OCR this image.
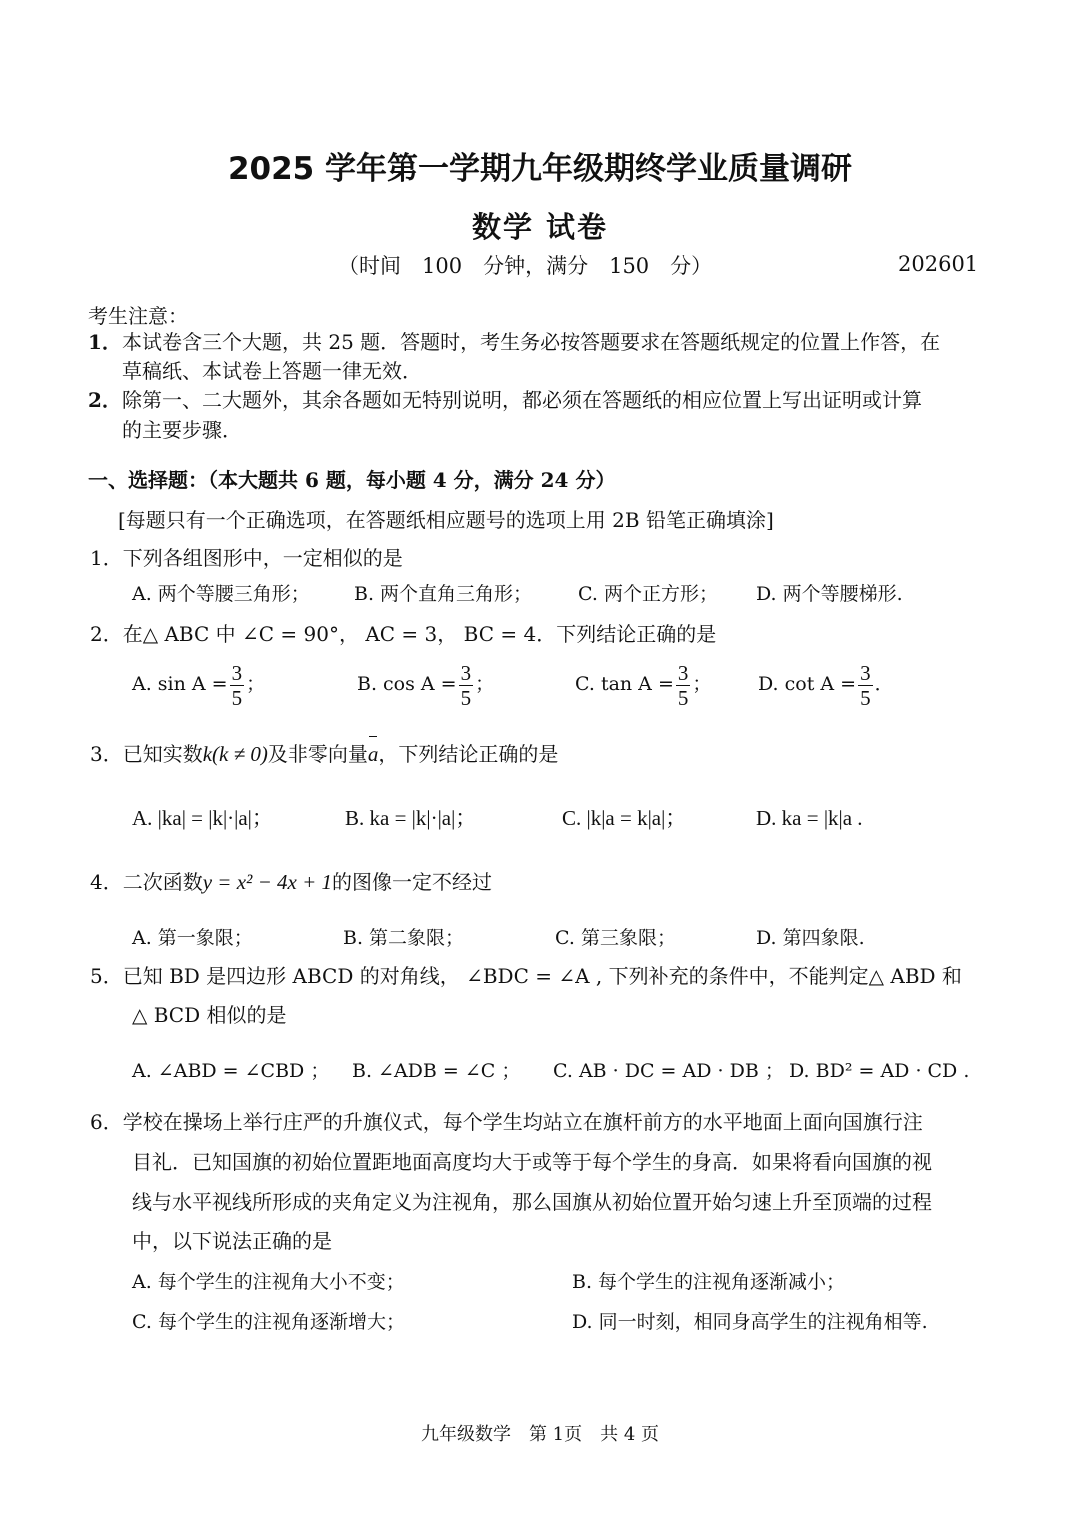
2025 学年第一学期九年级期终学业质量调研
数学 试卷
（时间　100　分钟，满分　150　分）	202601
考生注意：
1． 本试卷含三个大题，共 25 题．答题时，考生务必按答题要求在答题纸规定的位置上作答，在
草稿纸、本试卷上答题一律无效．
2． 除第一、二大题外，其余各题如无特别说明，都必须在答题纸的相应位置上写出证明或计算
的主要步骤．
一、选择题：（本大题共 6 题，每小题 4 分，满分 24 分）
[每题只有一个正确选项，在答题纸相应题号的选项上用 2B 铅笔正确填涂]
1．下列各组图形中，一定相似的是
A. 两个等腰三角形； B. 两个直角三角形； C. 两个正方形； D. 两个等腰梯形.
2．在△ ABC 中 ∠C = 90°， AC = 3， BC = 4．下列结论正确的是
A. $\sin A = \frac{3}{5}$ ；	B. $\cos A = \frac{3}{5}$ ；	C. $\tan A = \frac{3}{5}$ ； D. $\cot A = \frac{3}{5}$ ．
3．已知实数k(k ≠ 0)及非零向量a，下列结论正确的是
A. |ka| = |k|·|a|；	B. ka = |k|·|a|；	C. |k|a = k|a|；	D. ka = |k|a .
4．二次函数y = x² − 4x + 1的图像一定不经过
A. 第一象限；	B. 第二象限；	C. 第三象限；	D. 第四象限.
5．已知 BD 是四边形 ABCD 的对角线， ∠BDC = ∠A , 下列补充的条件中，不能判定△ ABD 和
△ BCD 相似的是
A. ∠ABD = ∠CBD ； B. ∠ADB = ∠C ； C. AB · DC = AD · DB ； D. BD² = AD · CD .
6．学校在操场上举行庄严的升旗仪式，每个学生均站立在旗杆前方的水平地面上面向国旗行注
目礼．已知国旗的初始位置距地面高度均大于或等于每个学生的身高．如果将看向国旗的视
线与水平视线所形成的夹角定义为注视角，那么国旗从初始位置开始匀速上升至顶端的过程
中，以下说法正确的是
A. 每个学生的注视角大小不变；	B. 每个学生的注视角逐渐减小；
C. 每个学生的注视角逐渐增大；	D. 同一时刻，相同身高学生的注视角相等.
九年级数学　第 1页　共 4 页
